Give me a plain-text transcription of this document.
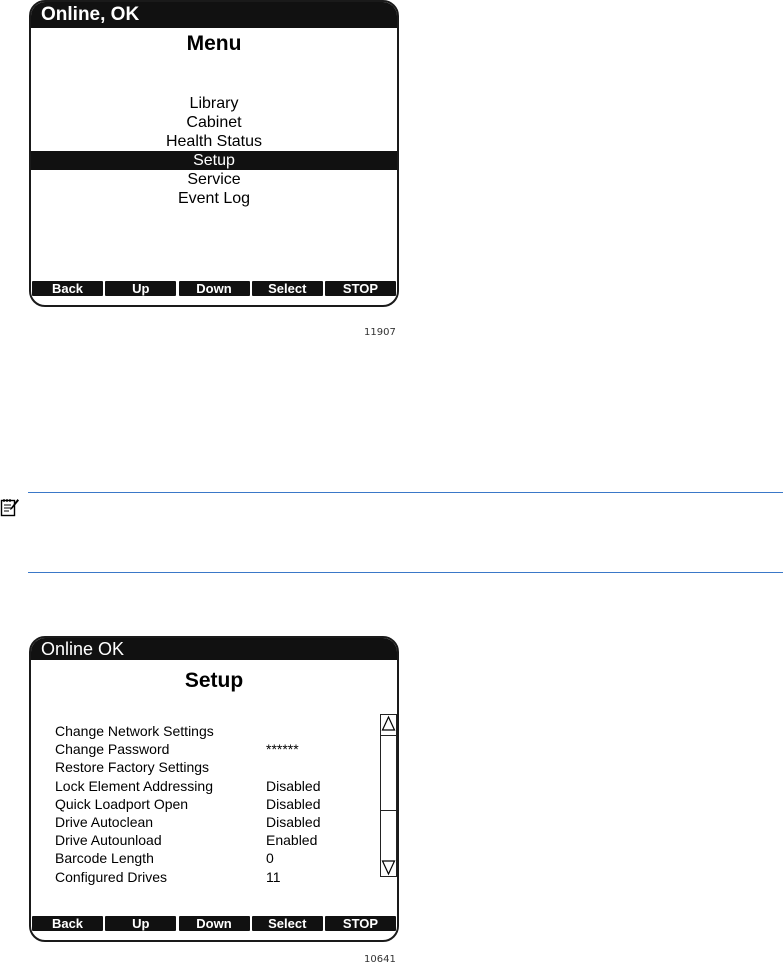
Online, OK
Menu
Library
Cabinet
Health Status
Setup
Service
Event Log
Back	Up	Down	Select	STOP
11907
Online OK
Setup
Change Network Settings
Change Password	******
Restore Factory Settings
Lock Element Addressing	Disabled
Quick Loadport Open	Disabled
Drive Autoclean	Disabled
Drive Autounload	Enabled
Barcode Length	0
Configured Drives	11
Back	Up	Down	Select	STOP
10641
